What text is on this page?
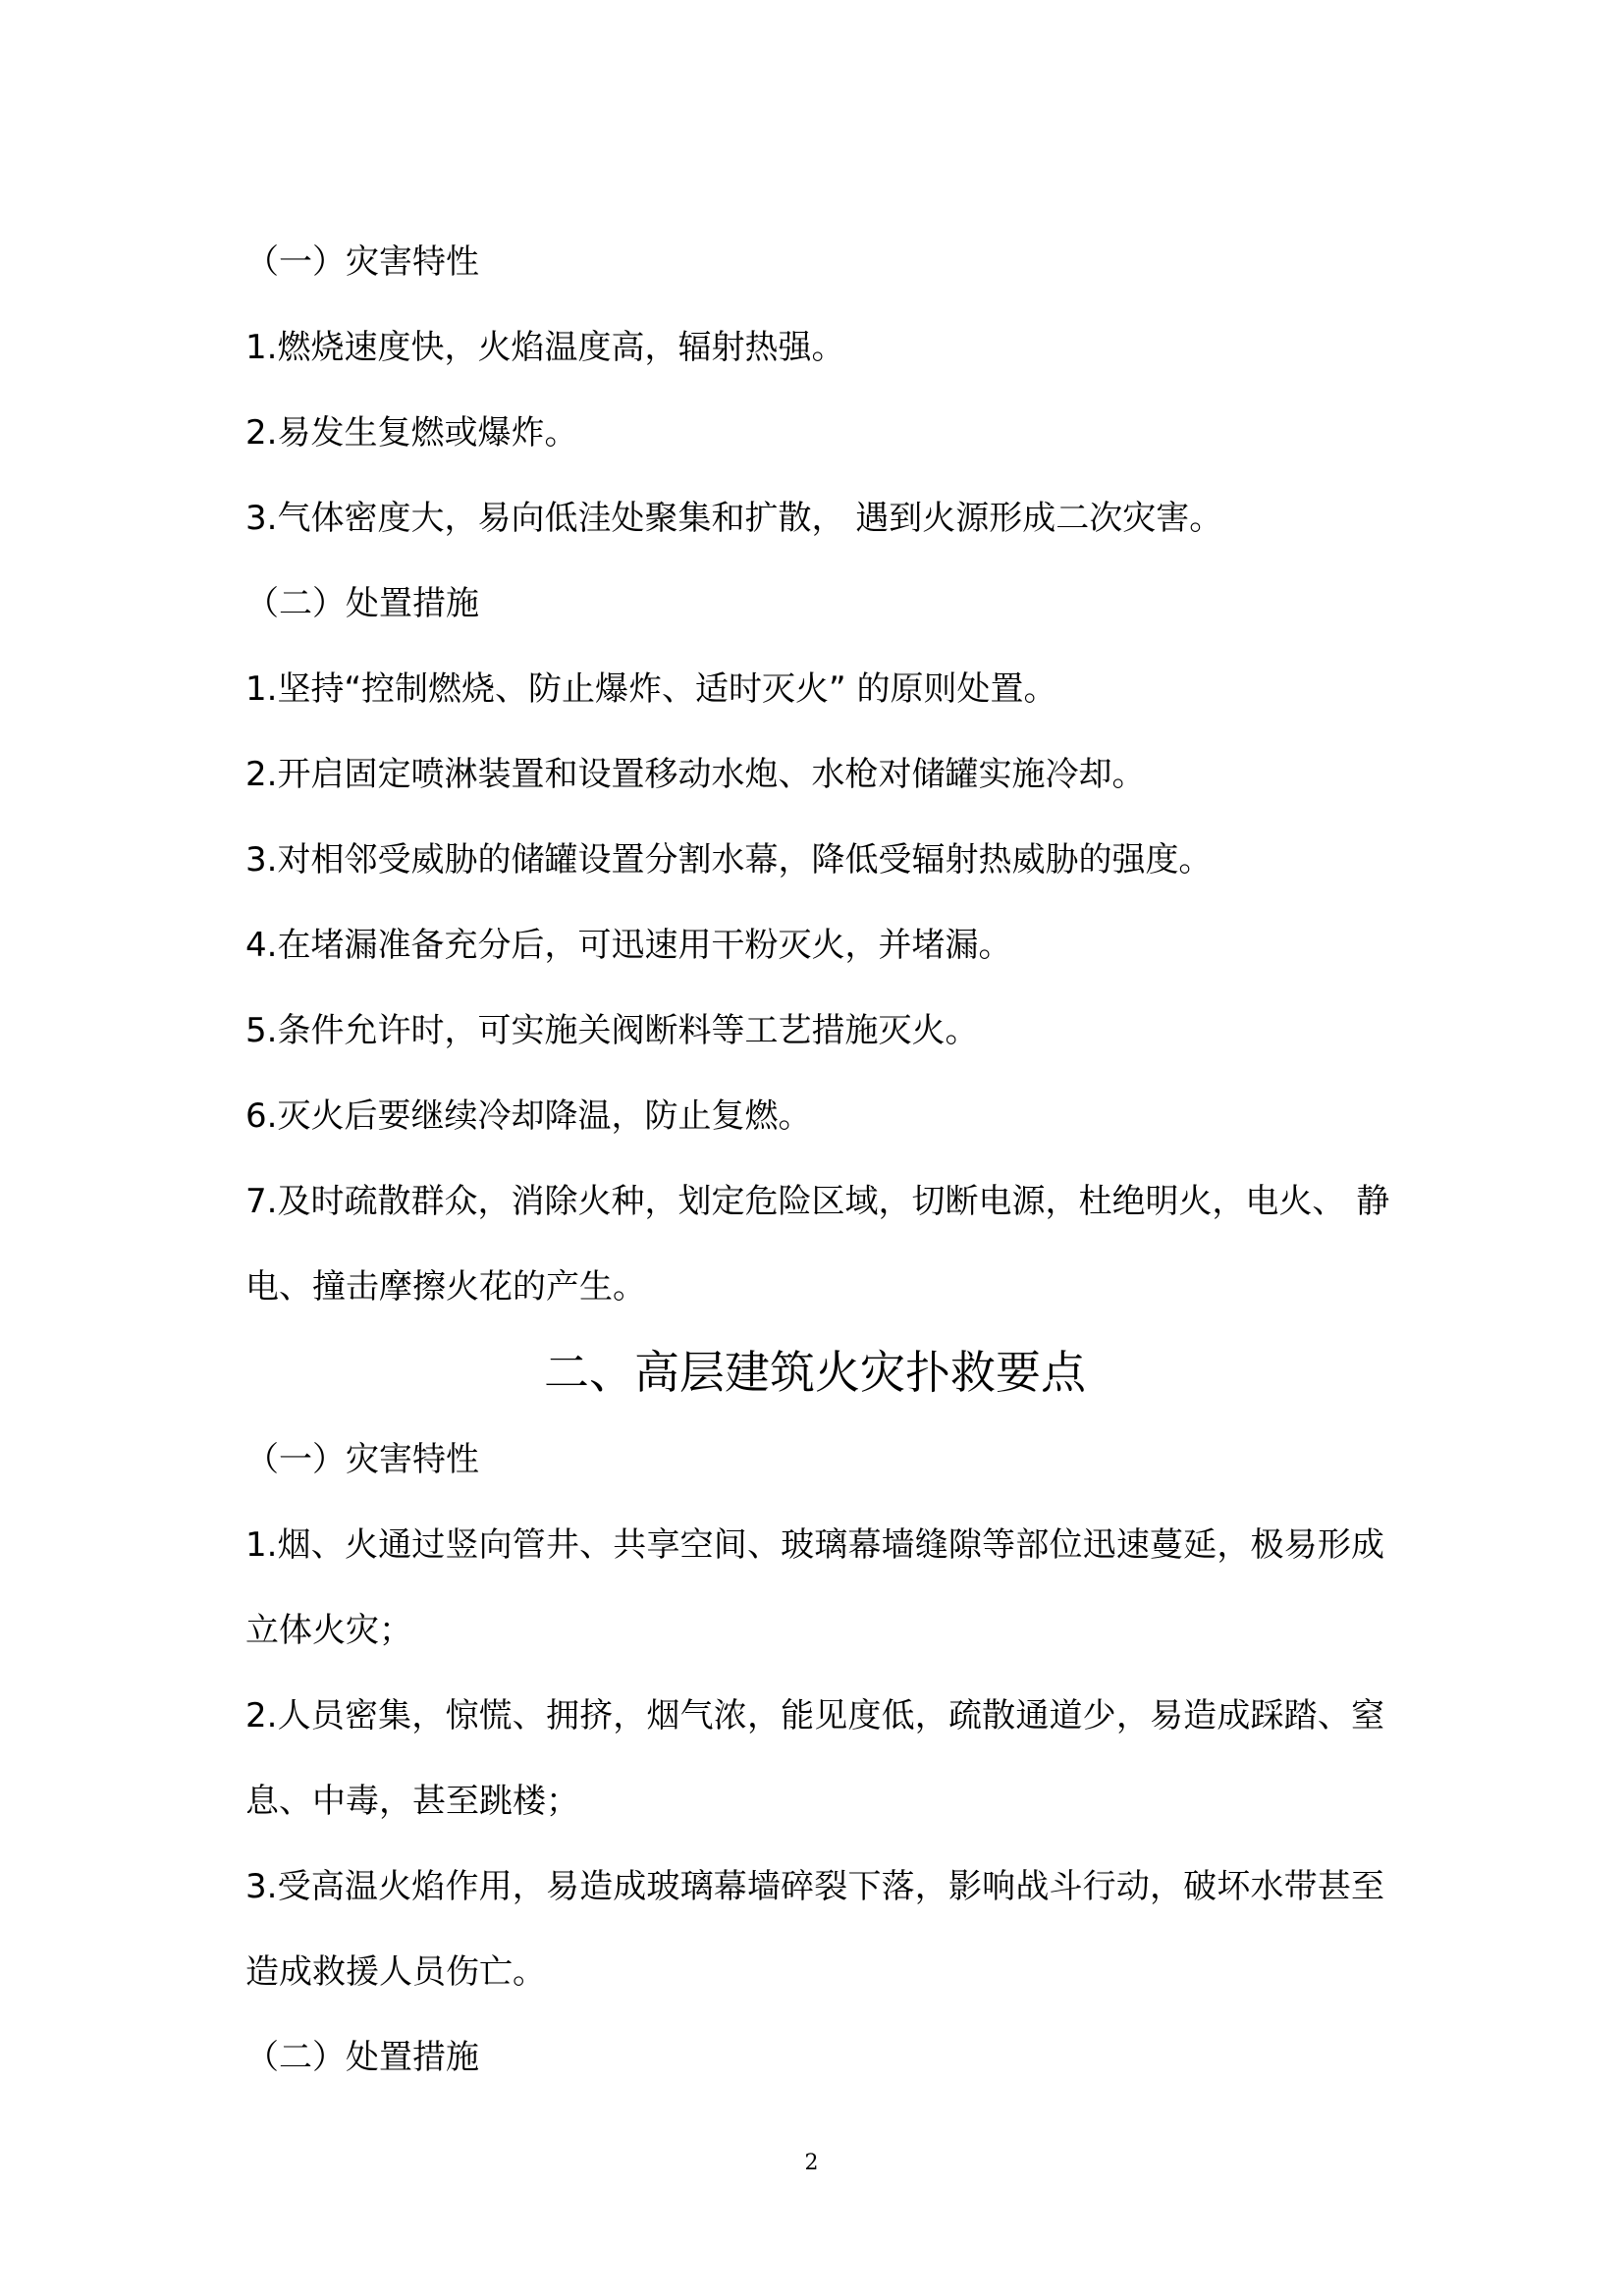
（一）灾害特性
1.燃烧速度快，火焰温度高，辐射热强。
2.易发生复燃或爆炸。
3.气体密度大，易向低洼处聚集和扩散， 遇到火源形成二次灾害。
（二）处置措施
1.坚持“控制燃烧、防止爆炸、适时灭火” 的原则处置。
2.开启固定喷淋装置和设置移动水炮、水枪对储罐实施冷却。
3.对相邻受威胁的储罐设置分割水幕，降低受辐射热威胁的强度。
4.在堵漏准备充分后，可迅速用干粉灭火，并堵漏。
5.条件允许时，可实施关阀断料等工艺措施灭火。
6.灭火后要继续冷却降温，防止复燃。
7.及时疏散群众，消除火种，划定危险区域，切断电源，杜绝明火，电火、 静
电、撞击摩擦火花的产生。
二、高层建筑火灾扑救要点
（一）灾害特性
1.烟、火通过竖向管井、共享空间、玻璃幕墙缝隙等部位迅速蔓延，极易形成
立体火灾；
2.人员密集，惊慌、拥挤，烟气浓，能见度低，疏散通道少，易造成踩踏、窒
息、中毒，甚至跳楼；
3.受高温火焰作用，易造成玻璃幕墙碎裂下落，影响战斗行动，破坏水带甚至
造成救援人员伤亡。
（二）处置措施
2
